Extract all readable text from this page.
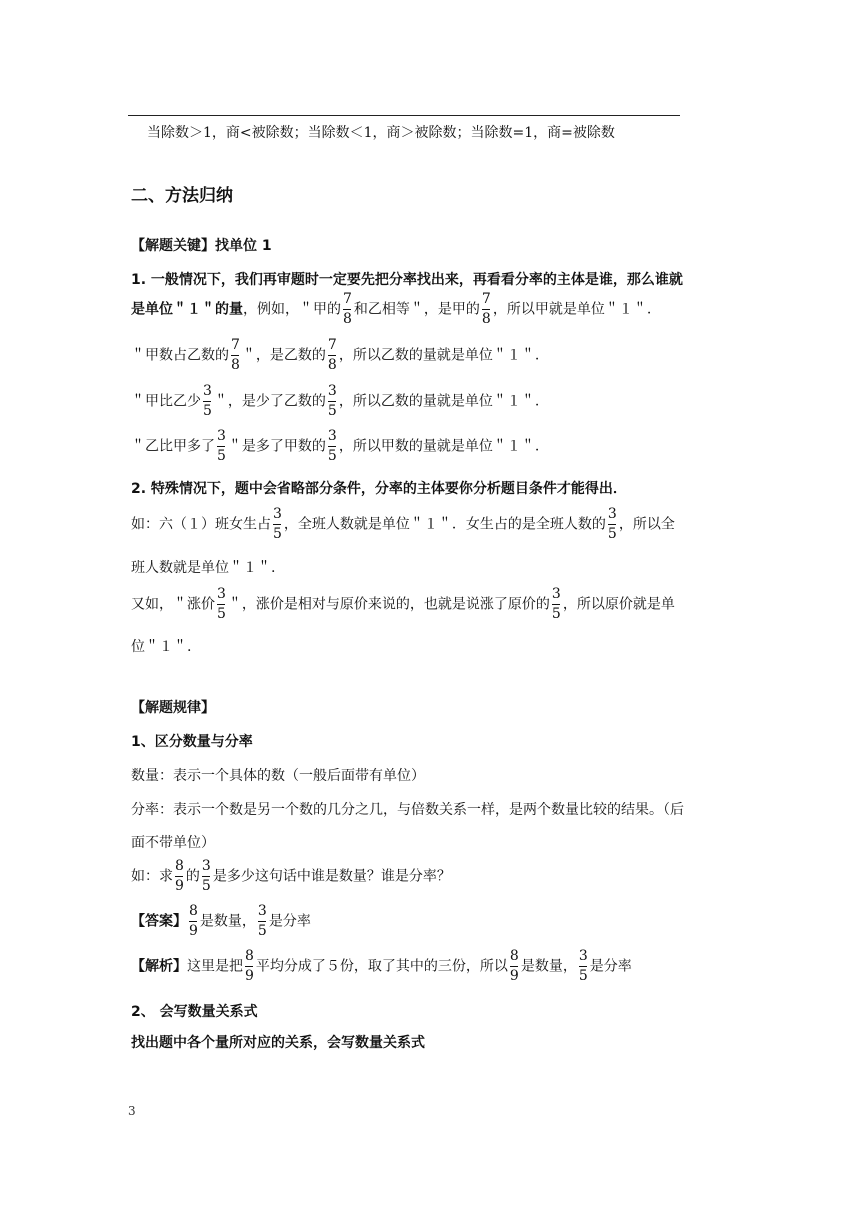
当除数＞1，商<被除数；当除数＜1，商＞被除数；当除数=1，商=被除数
二、方法归纳
【解题关键】找单位 1
1. 一般情况下，我们再审题时一定要先把分率找出来，再看看分率的主体是谁，那么谁就
是单位＂１＂的量，例如，＂甲的 $\frac{7}{8}$ 和乙相等＂，是甲的 $\frac{7}{8}$ ，所以甲就是单位＂１＂.
＂甲数占乙数的 $\frac{7}{8}$ ＂，是乙数的 $\frac{7}{8}$ ，所以乙数的量就是单位＂１＂.
＂甲比乙少 $\frac{3}{5}$ ＂，是少了乙数的 $\frac{3}{5}$ ，所以乙数的量就是单位＂１＂.
＂乙比甲多了 $\frac{3}{5}$ ＂是多了甲数的 $\frac{3}{5}$ ，所以甲数的量就是单位＂１＂.
2. 特殊情况下，题中会省略部分条件，分率的主体要你分析题目条件才能得出．
如：六（１）班女生占 $\frac{3}{5}$ ，全班人数就是单位＂１＂．女生占的是全班人数的 $\frac{3}{5}$ ，所以全
班人数就是单位＂１＂.
又如，＂涨价 $\frac{3}{5}$ ＂，涨价是相对与原价来说的，也就是说涨了原价的 $\frac{3}{5}$ ，所以原价就是单
位＂１＂.
【解题规律】
1、区分数量与分率
数量：表示一个具体的数（一般后面带有单位）
分率：表示一个数是另一个数的几分之几，与倍数关系一样，是两个数量比较的结果。（后
面不带单位）
如：求 $\frac{8}{9}$ 的 $\frac{3}{5}$ 是多少这句话中谁是数量？谁是分率？
【答案】 $\frac{8}{9}$ 是数量， $\frac{3}{5}$ 是分率
【解析】这里是把 $\frac{8}{9}$ 平均分成了５份，取了其中的三份，所以 $\frac{8}{9}$ 是数量， $\frac{3}{5}$ 是分率
2、 会写数量关系式
找出题中各个量所对应的关系，会写数量关系式
3
